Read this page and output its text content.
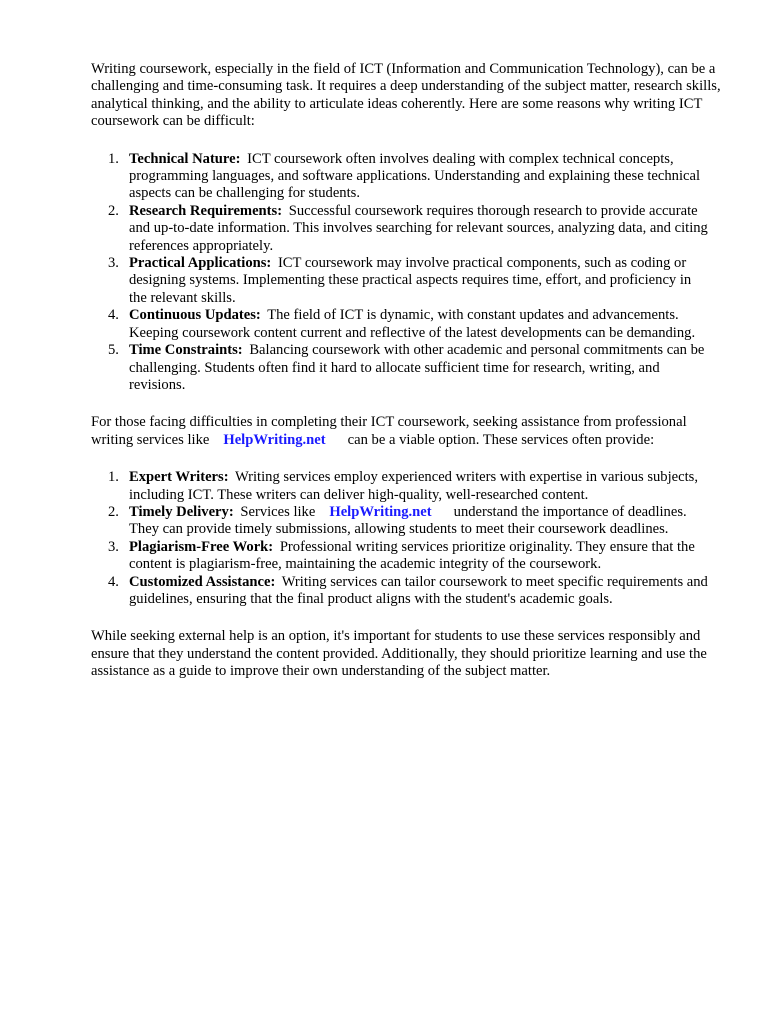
Writing coursework, especially in the field of ICT (Information and Communication Technology), can be a challenging and time-consuming task. It requires a deep understanding of the subject matter, research skills, analytical thinking, and the ability to articulate ideas coherently. Here are some reasons why writing ICT coursework can be difficult:

1. Technical Nature: ICT coursework often involves dealing with complex technical concepts, programming languages, and software applications. Understanding and explaining these technical aspects can be challenging for students.
2. Research Requirements: Successful coursework requires thorough research to provide accurate and up-to-date information. This involves searching for relevant sources, analyzing data, and citing references appropriately.
3. Practical Applications: ICT coursework may involve practical components, such as coding or designing systems. Implementing these practical aspects requires time, effort, and proficiency in the relevant skills.
4. Continuous Updates: The field of ICT is dynamic, with constant updates and advancements. Keeping coursework content current and reflective of the latest developments can be demanding.
5. Time Constraints: Balancing coursework with other academic and personal commitments can be challenging. Students often find it hard to allocate sufficient time for research, writing, and revisions.

For those facing difficulties in completing their ICT coursework, seeking assistance from professional writing services like HelpWriting.net can be a viable option. These services often provide:

1. Expert Writers: Writing services employ experienced writers with expertise in various subjects, including ICT. These writers can deliver high-quality, well-researched content.
2. Timely Delivery: Services like HelpWriting.net understand the importance of deadlines. They can provide timely submissions, allowing students to meet their coursework deadlines.
3. Plagiarism-Free Work: Professional writing services prioritize originality. They ensure that the content is plagiarism-free, maintaining the academic integrity of the coursework.
4. Customized Assistance: Writing services can tailor coursework to meet specific requirements and guidelines, ensuring that the final product aligns with the student's academic goals.

While seeking external help is an option, it's important for students to use these services responsibly and ensure that they understand the content provided. Additionally, they should prioritize learning and use the assistance as a guide to improve their own understanding of the subject matter.
